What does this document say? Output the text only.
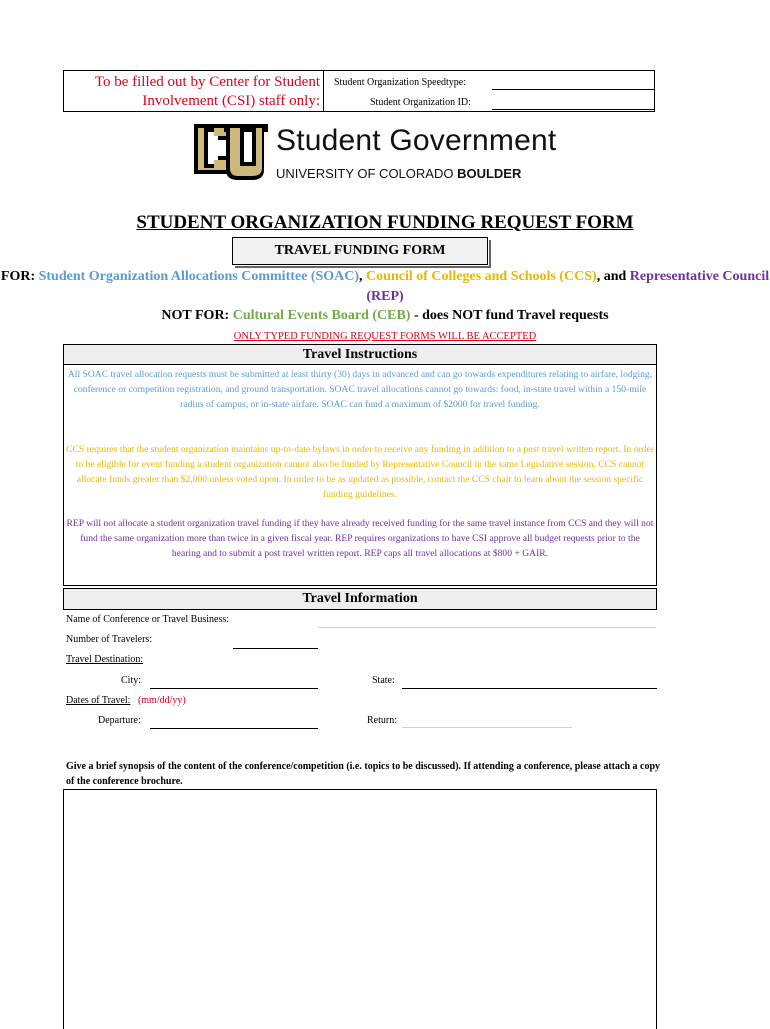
To be filled out by Center for Student Involvement (CSI) staff only:
Student Organization Speedtype:
Student Organization ID:
Student Government
UNIVERSITY OF COLORADO BOULDER
STUDENT ORGANIZATION FUNDING REQUEST FORM
TRAVEL FUNDING FORM
FOR: Student Organization Allocations Committee (SOAC), Council of Colleges and Schools (CCS), and Representative Council (REP)
NOT FOR: Cultural Events Board (CEB) - does NOT fund Travel requests
ONLY TYPED FUNDING REQUEST FORMS WILL BE ACCEPTED
Travel Instructions
All SOAC travel allocation requests must be submitted at least thirty (30) days in advanced and can go towards expenditures relating to airfare, lodging, conference or competition registration, and ground transportation. SOAC travel allocations cannot go towards: food, in-state travel within a 150-mile radius of campus, or in-state airfare. SOAC can fund a maximum of $2000 for travel funding.
CCS requires that the student organization maintains up-to-date bylaws in order to receive any funding in addition to a post travel written report. In order to be eligible for event funding a student organization cannot also be funded by Representative Council in the same Legislative session. CCS cannot allocate funds greater than $2,000 unless voted upon. In order to be as updated as possible, contact the CCS chair to learn about the session specific funding guidelines.
REP will not allocate a student organization travel funding if they have already received funding for the same travel instance from CCS and they will not fund the same organization more than twice in a given fiscal year. REP requires organizations to have CSI approve all budget requests prior to the hearing and to submit a post travel written report. REP caps all travel allocations at $800 + GAIR.
Travel Information
Name of Conference or Travel Business:
Number of Travelers:
Travel Destination:
City:	State:
Dates of Travel: (mm/dd/yy)
Departure:	Return:
Give a brief synopsis of the content of the conference/competition (i.e. topics to be discussed). If attending a conference, please attach a copy of the conference brochure.
